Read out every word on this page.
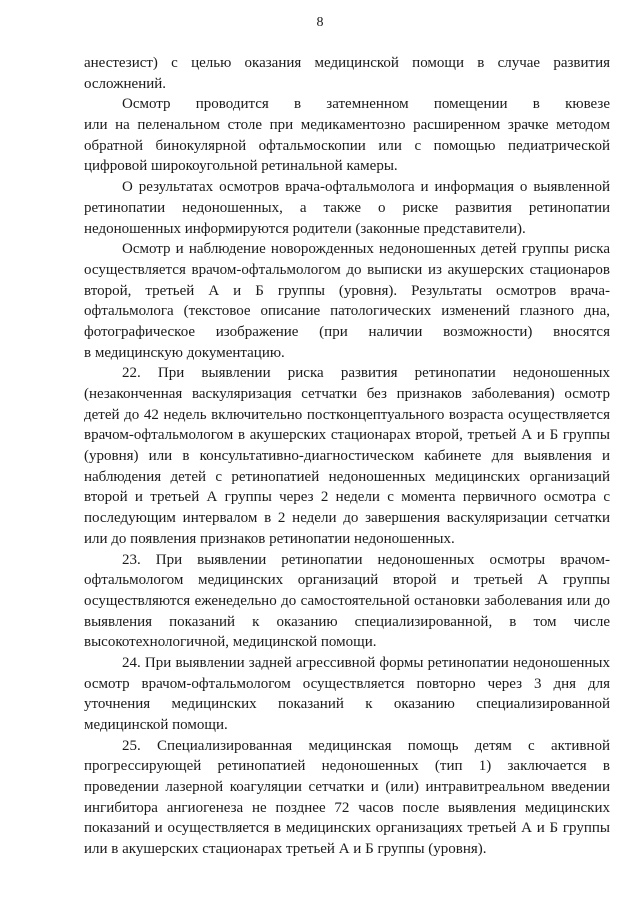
8
анестезист) с целью оказания медицинской помощи в случае развития
осложнений.
Осмотр проводится в затемненном помещении в кювезе
или на пеленальном столе при медикаментозно расширенном зрачке методом
обратной бинокулярной офтальмоскопии или с помощью педиатрической
цифровой широкоугольной ретинальной камеры.
О результатах осмотров врача-офтальмолога и информация о выявленной
ретинопатии недоношенных, а также о риске развития ретинопатии
недоношенных информируются родители (законные представители).
Осмотр и наблюдение новорожденных недоношенных детей группы риска
осуществляется врачом-офтальмологом до выписки из акушерских стационаров
второй, третьей А и Б группы (уровня). Результаты осмотров врача-
офтальмолога (текстовое описание патологических изменений глазного дна,
фотографическое изображение (при наличии возможности) вносятся
в медицинскую документацию.
22. При выявлении риска развития ретинопатии недоношенных
(незаконченная васкуляризация сетчатки без признаков заболевания) осмотр
детей до 42 недель включительно постконцептуального возраста осуществляется
врачом-офтальмологом в акушерских стационарах второй, третьей А и Б группы
(уровня) или в консультативно-диагностическом кабинете для выявления и
наблюдения детей с ретинопатией недоношенных медицинских организаций
второй и третьей А группы через 2 недели с момента первичного осмотра с
последующим интервалом в 2 недели до завершения васкуляризации сетчатки
или до появления признаков ретинопатии недоношенных.
23. При выявлении ретинопатии недоношенных осмотры врачом-
офтальмологом медицинских организаций второй и третьей А группы
осуществляются еженедельно до самостоятельной остановки заболевания или до
выявления показаний к оказанию специализированной, в том числе
высокотехнологичной, медицинской помощи.
24. При выявлении задней агрессивной формы ретинопатии недоношенных
осмотр врачом-офтальмологом осуществляется повторно через 3 дня для
уточнения медицинских показаний к оказанию специализированной
медицинской помощи.
25. Специализированная медицинская помощь детям с активной
прогрессирующей ретинопатией недоношенных (тип 1) заключается в
проведении лазерной коагуляции сетчатки и (или) интравитреальном введении
ингибитора ангиогенеза не позднее 72 часов после выявления медицинских
показаний и осуществляется в медицинских организациях третьей А и Б группы
или в акушерских стационарах третьей А и Б группы (уровня).
